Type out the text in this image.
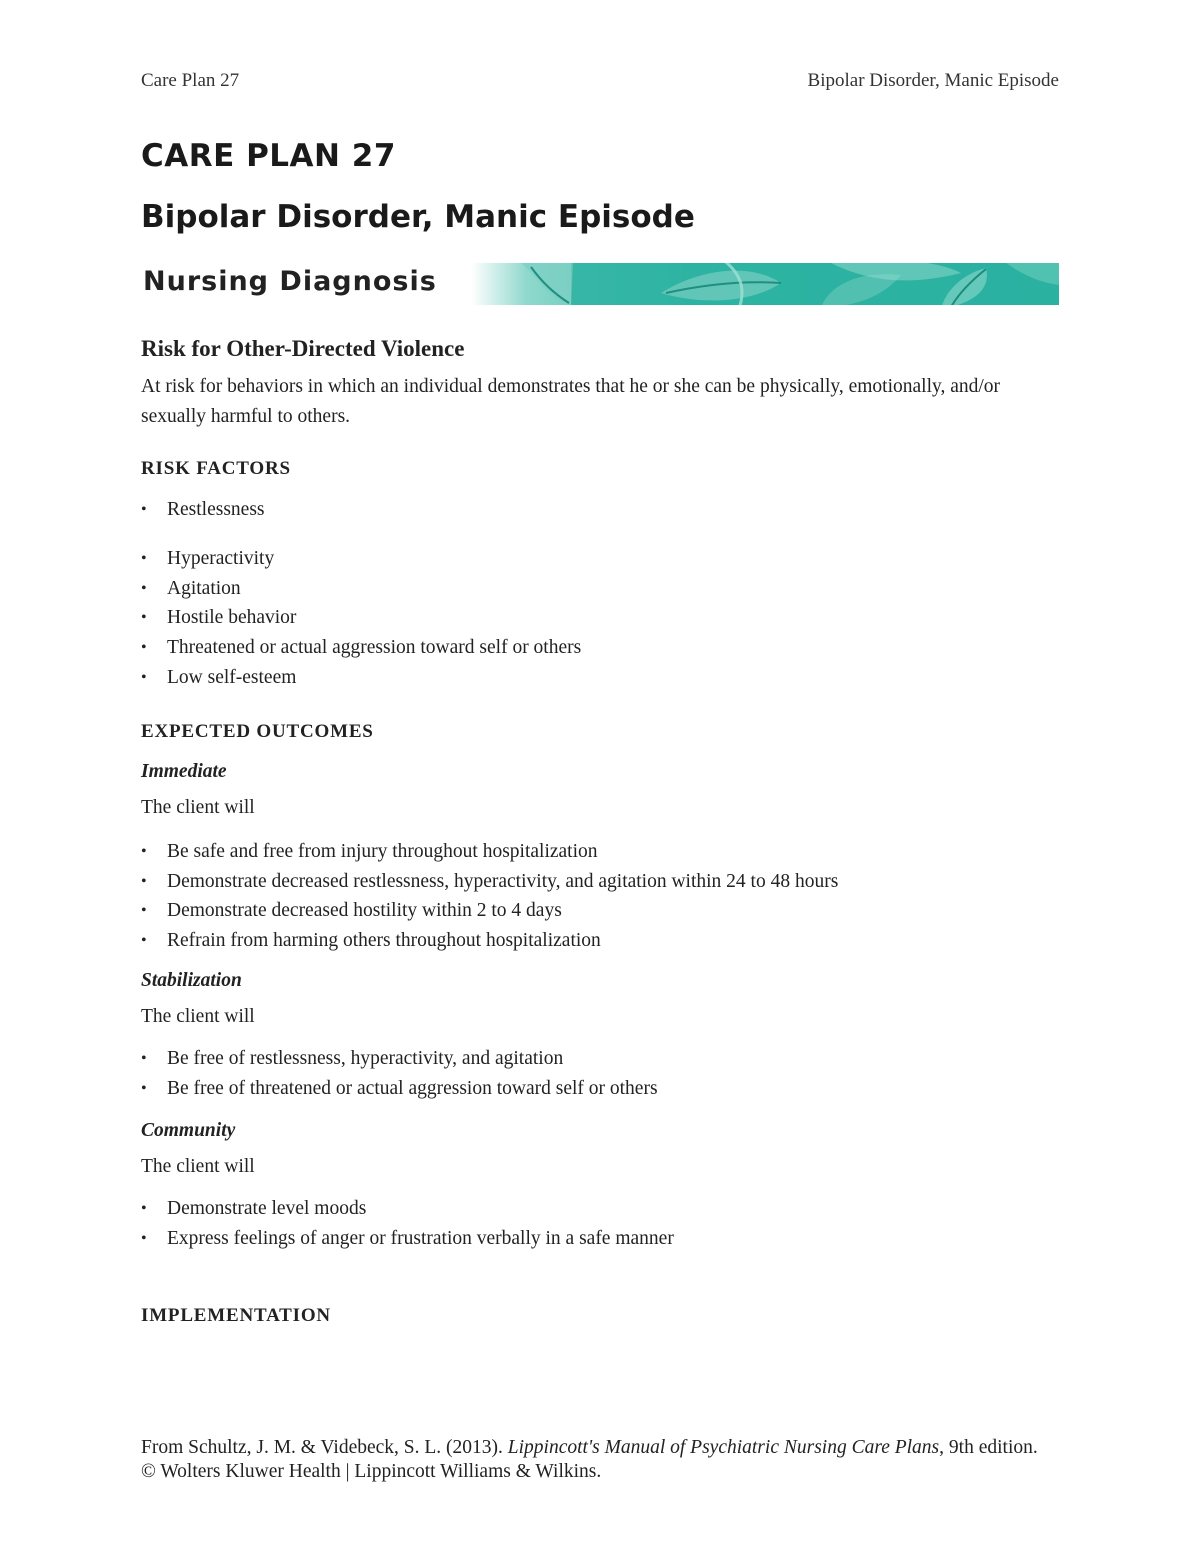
Care Plan 27	Bipolar Disorder, Manic Episode
CARE PLAN 27
Bipolar Disorder, Manic Episode
Nursing Diagnosis
Risk for Other-Directed Violence

At risk for behaviors in which an individual demonstrates that he or she can be physically, emotionally, and/or sexually harmful to others.

RISK FACTORS
• Restlessness
• Hyperactivity
• Agitation
• Hostile behavior
• Threatened or actual aggression toward self or others
• Low self-esteem
EXPECTED OUTCOMES
Immediate

The client will

• Be safe and free from injury throughout hospitalization
• Demonstrate decreased restlessness, hyperactivity, and agitation within 24 to 48 hours
• Demonstrate decreased hostility within 2 to 4 days
• Refrain from harming others throughout hospitalization
Stabilization

The client will

• Be free of restlessness, hyperactivity, and agitation
• Be free of threatened or actual aggression toward self or others
Community

The client will

• Demonstrate level moods
• Express feelings of anger or frustration verbally in a safe manner
IMPLEMENTATION
From Schultz, J. M. & Videbeck, S. L. (2013). Lippincott's Manual of Psychiatric Nursing Care Plans, 9th edition.
© Wolters Kluwer Health | Lippincott Williams & Wilkins.
